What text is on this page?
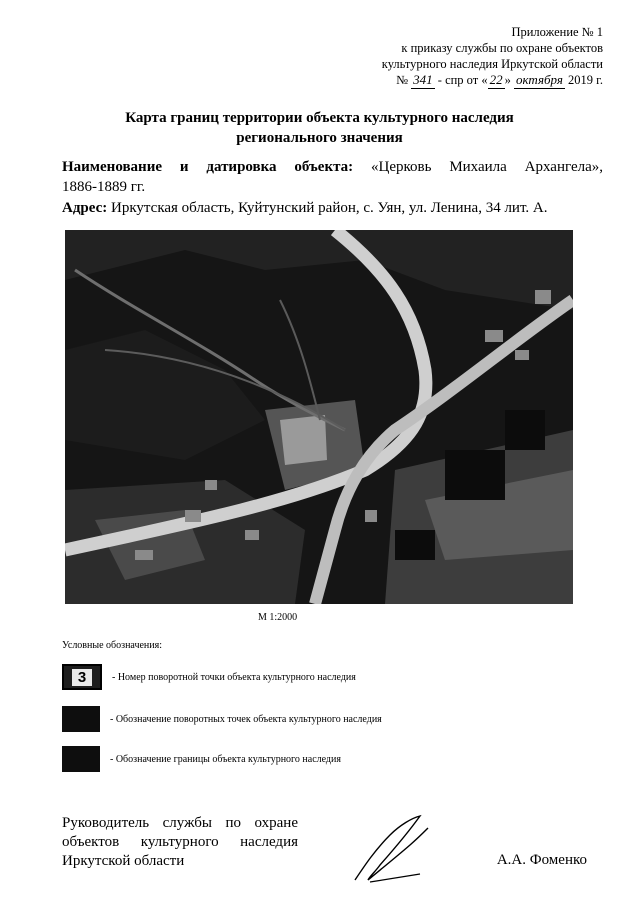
Приложение № 1
к приказу службы по охране объектов
культурного наследия Иркутской области
№ 341 - спр от « 22 » октября 2019 г.
Карта границ территории объекта культурного наследия
регионального значения
Наименование и датировка объекта: «Церковь Михаила Архангела»,
1886-1889 гг.
Адрес: Иркутская область, Куйтунский район, с. Уян, ул. Ленина, 34 лит. А.
М 1:2000
Условные обозначения:
3	- Номер поворотной точки объекта культурного наследия
- Обозначение поворотных точек объекта культурного наследия
- Обозначение границы объекта культурного наследия
Руководитель службы по охране
объектов культурного наследия
Иркутской области	А.А. Фоменко
